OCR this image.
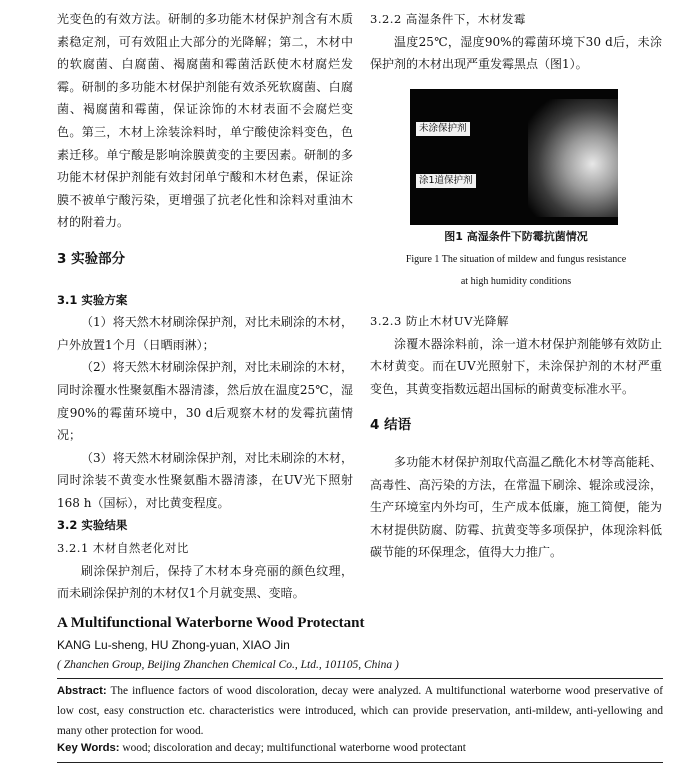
光变色的有效方法。研制的多功能木材保护剂含有木质素稳定剂，可有效阻止大部分的光降解；第二，木材中的软腐菌、白腐菌、褐腐菌和霉菌活跃使木材腐烂发霉。研制的多功能木材保护剂能有效杀死软腐菌、白腐菌、褐腐菌和霉菌，保证涂饰的木材表面不会腐烂变色。第三，木材上涂装涂料时，单宁酸使涂料变色，色素迁移。单宁酸是影响涂膜黄变的主要因素。研制的多功能木材保护剂能有效封闭单宁酸和木材色素，保证涂膜不被单宁酸污染，更增强了抗老化性和涂料对重油木材的附着力。

3 实验部分

3.1 实验方案

（1）将天然木材刷涂保护剂，对比未刷涂的木材，户外放置1个月（日晒雨淋）；

（2）将天然木材刷涂保护剂，对比未刷涂的木材，同时涂覆水性聚氨酯木器清漆，然后放在温度25℃，湿度90%的霉菌环境中，30 d后观察木材的发霉抗菌情况；

（3）将天然木材刷涂保护剂，对比未刷涂的木材，同时涂装不黄变水性聚氨酯木器清漆，在UV光下照射168 h（国标），对比黄变程度。

3.2 实验结果

3.2.1 木材自然老化对比

刷涂保护剂后，保持了木材本身亮丽的颜色纹理，而未刷涂保护剂的木材仅1个月就变黑、变暗。

3.2.2 高湿条件下，木材发霉

温度25℃，湿度90%的霉菌环境下30 d后，未涂保护剂的木材出现严重发霉黑点（图1）。

未涂保护剂
涂1道保护剂
图1 高湿条件下防霉抗菌情况
Figure 1 The situation of mildew and fungus resistance
at high humidity conditions

3.2.3 防止木材UV光降解

涂覆木器涂料前，涂一道木材保护剂能够有效防止木材黄变。而在UV光照射下，未涂保护剂的木材严重变色，其黄变指数远超出国标的耐黄变标准水平。

4 结语

多功能木材保护剂取代高温乙酰化木材等高能耗、高毒性、高污染的方法，在常温下刷涂、辊涂或浸涂，生产环境室内外均可，生产成本低廉，施工简便，能为木材提供防腐、防霉、抗黄变等多项保护，体现涂料低碳节能的环保理念，值得大力推广。

A Multifunctional Waterborne Wood Protectant
KANG Lu-sheng, HU Zhong-yuan, XIAO Jin
( Zhanchen Group, Beijing Zhanchen Chemical Co., Ltd., 101105, China )
Abstract: The influence factors of wood discoloration, decay were analyzed. A multifunctional waterborne wood preservative of low cost, easy construction etc. characteristics were introduced, which can provide preservation, anti-mildew, anti-yellowing and many other protection for wood.
Key Words: wood; discoloration and decay; multifunctional waterborne wood protectant
